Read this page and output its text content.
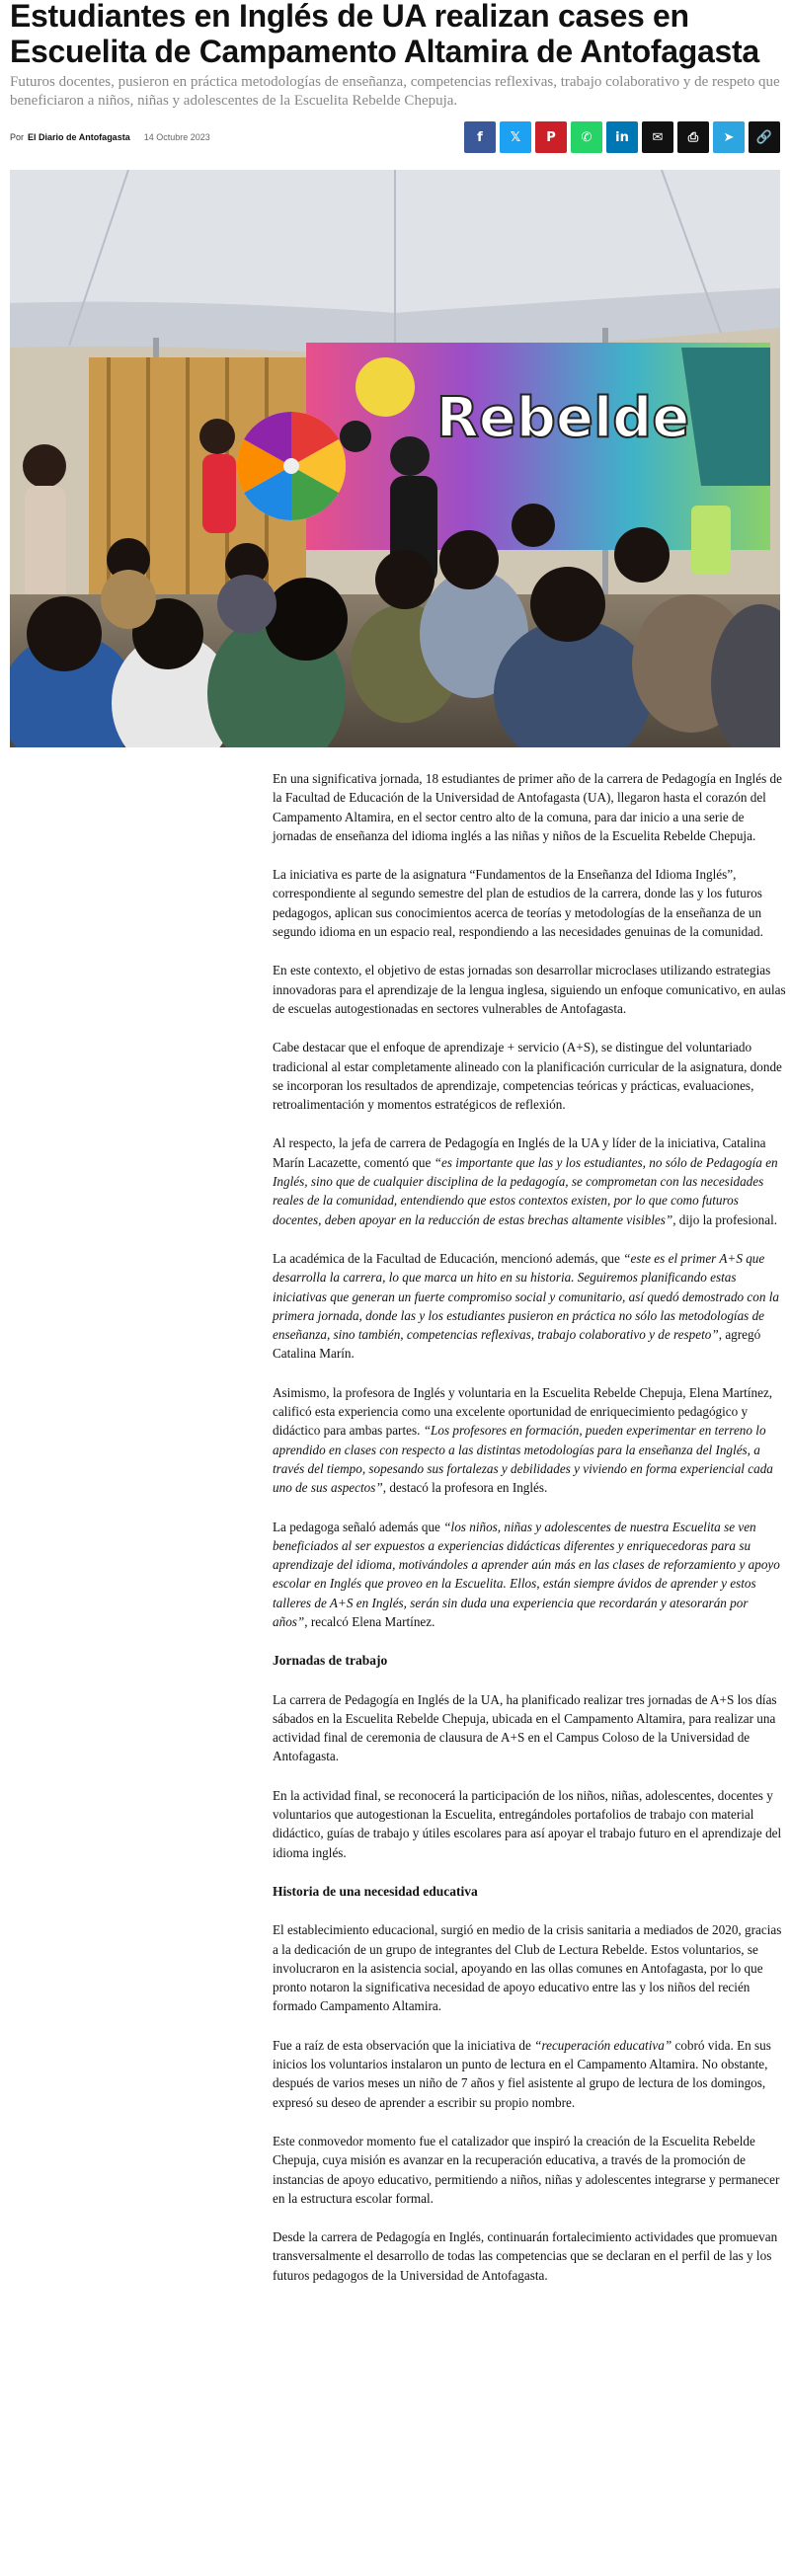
Estudiantes en Inglés de UA realizan cases en Escuelita de Campamento Altamira de Antofagasta

Futuros docentes, pusieron en práctica metodologías de enseñanza, competencias reflexivas, trabajo colaborativo y de respeto que beneficiaron a niños, niñas y adolescentes de la Escuelita Rebelde Chepuja.

Por El Diario de Antofagasta 14 Octubre 2023	f 𝕏 P ✆ in ✉ ⎙ ➤ 🔗
Rebelde

En una significativa jornada, 18 estudiantes de primer año de la carrera de Pedagogía en Inglés de la Facultad de Educación de la Universidad de Antofagasta (UA), llegaron hasta el corazón del Campamento Altamira, en el sector centro alto de la comuna, para dar inicio a una serie de jornadas de enseñanza del idioma inglés a las niñas y niños de la Escuelita Rebelde Chepuja.

La iniciativa es parte de la asignatura “Fundamentos de la Enseñanza del Idioma Inglés”, correspondiente al segundo semestre del plan de estudios de la carrera, donde las y los futuros pedagogos, aplican sus conocimientos acerca de teorías y metodologías de la enseñanza de un segundo idioma en un espacio real, respondiendo a las necesidades genuinas de la comunidad.

En este contexto, el objetivo de estas jornadas son desarrollar microclases utilizando estrategias innovadoras para el aprendizaje de la lengua inglesa, siguiendo un enfoque comunicativo, en aulas de escuelas autogestionadas en sectores vulnerables de Antofagasta.

Cabe destacar que el enfoque de aprendizaje + servicio (A+S), se distingue del voluntariado tradicional al estar completamente alineado con la planificación curricular de la asignatura, donde se incorporan los resultados de aprendizaje, competencias teóricas y prácticas, evaluaciones, retroalimentación y momentos estratégicos de reflexión.

Al respecto, la jefa de carrera de Pedagogía en Inglés de la UA y líder de la iniciativa, Catalina Marín Lacazette, comentó que “es importante que las y los estudiantes, no sólo de Pedagogía en Inglés, sino que de cualquier disciplina de la pedagogía, se comprometan con las necesidades reales de la comunidad, entendiendo que estos contextos existen, por lo que como futuros docentes, deben apoyar en la reducción de estas brechas altamente visibles”, dijo la profesional.

La académica de la Facultad de Educación, mencionó además, que “este es el primer A+S que desarrolla la carrera, lo que marca un hito en su historia. Seguiremos planificando estas iniciativas que generan un fuerte compromiso social y comunitario, así quedó demostrado con la primera jornada, donde las y los estudiantes pusieron en práctica no sólo las metodologías de enseñanza, sino también, competencias reflexivas, trabajo colaborativo y de respeto”, agregó Catalina Marín.

Asimismo, la profesora de Inglés y voluntaria en la Escuelita Rebelde Chepuja, Elena Martínez, calificó esta experiencia como una excelente oportunidad de enriquecimiento pedagógico y didáctico para ambas partes. “Los profesores en formación, pueden experimentar en terreno lo aprendido en clases con respecto a las distintas metodologías para la enseñanza del Inglés, a través del tiempo, sopesando sus fortalezas y debilidades y viviendo en forma experiencial cada uno de sus aspectos”, destacó la profesora en Inglés.

La pedagoga señaló además que “los niños, niñas y adolescentes de nuestra Escuelita se ven beneficiados al ser expuestos a experiencias didácticas diferentes y enriquecedoras para su aprendizaje del idioma, motivándoles a aprender aún más en las clases de reforzamiento y apoyo escolar en Inglés que proveo en la Escuelita. Ellos, están siempre ávidos de aprender y estos talleres de A+S en Inglés, serán sin duda una experiencia que recordarán y atesorarán por años”, recalcó Elena Martínez.

Jornadas de trabajo

La carrera de Pedagogía en Inglés de la UA, ha planificado realizar tres jornadas de A+S los días sábados en la Escuelita Rebelde Chepuja, ubicada en el Campamento Altamira, para realizar una actividad final de ceremonia de clausura de A+S en el Campus Coloso de la Universidad de Antofagasta.

En la actividad final, se reconocerá la participación de los niños, niñas, adolescentes, docentes y voluntarios que autogestionan la Escuelita, entregándoles portafolios de trabajo con material didáctico, guías de trabajo y útiles escolares para así apoyar el trabajo futuro en el aprendizaje del idioma inglés.

Historia de una necesidad educativa

El establecimiento educacional, surgió en medio de la crisis sanitaria a mediados de 2020, gracias a la dedicación de un grupo de integrantes del Club de Lectura Rebelde. Estos voluntarios, se involucraron en la asistencia social, apoyando en las ollas comunes en Antofagasta, por lo que pronto notaron la significativa necesidad de apoyo educativo entre las y los niños del recién formado Campamento Altamira.

Fue a raíz de esta observación que la iniciativa de “recuperación educativa” cobró vida. En sus inicios los voluntarios instalaron un punto de lectura en el Campamento Altamira. No obstante, después de varios meses un niño de 7 años y fiel asistente al grupo de lectura de los domingos, expresó su deseo de aprender a escribir su propio nombre.

Este conmovedor momento fue el catalizador que inspiró la creación de la Escuelita Rebelde Chepuja, cuya misión es avanzar en la recuperación educativa, a través de la promoción de instancias de apoyo educativo, permitiendo a niños, niñas y adolescentes integrarse y permanecer en la estructura escolar formal.

Desde la carrera de Pedagogía en Inglés, continuarán fortalecimiento actividades que promuevan transversalmente el desarrollo de todas las competencias que se declaran en el perfil de las y los futuros pedagogos de la Universidad de Antofagasta.
